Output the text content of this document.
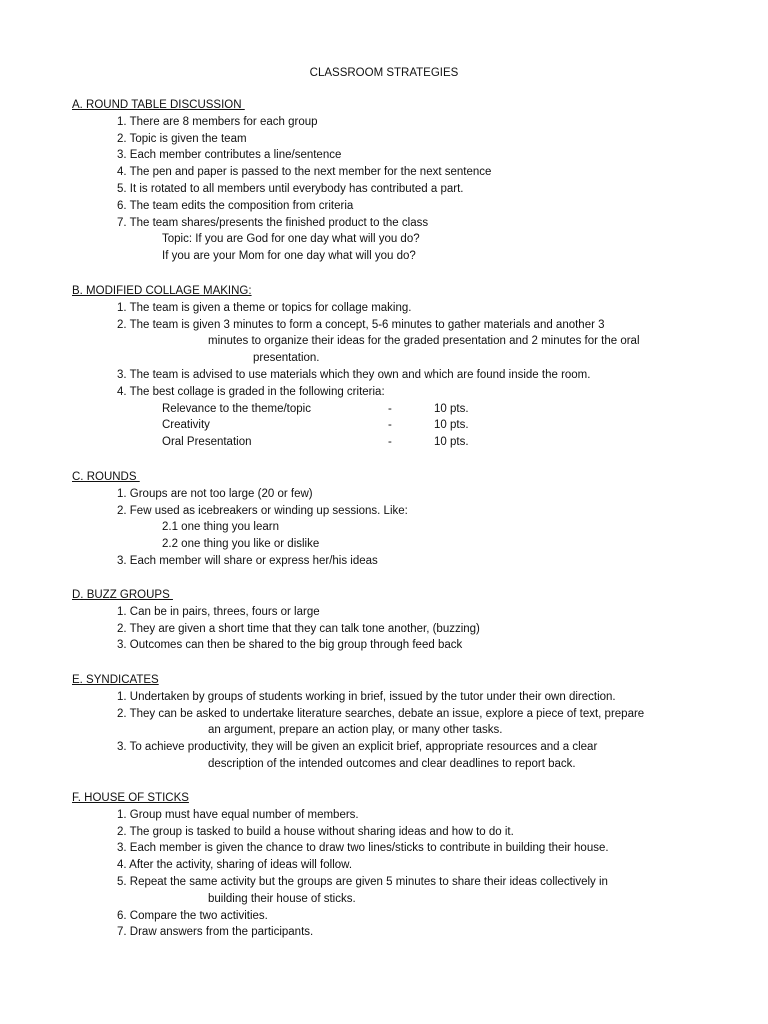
CLASSROOM STRATEGIES
A. ROUND TABLE DISCUSSION
1. There are 8 members for each group
2. Topic is given the team
3. Each member contributes a line/sentence
4. The pen and paper is passed to the next member for the next sentence
5. It is rotated to all members until everybody has contributed a part.
6. The team edits the composition from criteria
7. The team shares/presents the finished product to the class
Topic: If you are God for one day what will you do?
If you are your Mom for one day what will you do?
B. MODIFIED COLLAGE MAKING:
1. The team is given a theme or topics for collage making.
2. The team is given 3 minutes to form a concept, 5-6 minutes to gather materials and another 3
minutes to organize their ideas for the graded presentation and 2 minutes for the oral
presentation.
3. The team is advised to use materials which they own and which are found inside the room.
4. The best collage is graded in the following criteria:
Relevance to the theme/topic	-	10 pts.
Creativity	-	10 pts.
Oral Presentation	-	10 pts.
C. ROUNDS
1. Groups are not too large (20 or few)
2. Few used as icebreakers or winding up sessions. Like:
2.1 one thing you learn
2.2 one thing you like or dislike
3. Each member will share or express her/his ideas
D. BUZZ GROUPS
1. Can be in pairs, threes, fours or large
2. They are given a short time that they can talk tone another, (buzzing)
3. Outcomes can then be shared to the big group through feed back
E. SYNDICATES
1. Undertaken by groups of students working in brief, issued by the tutor under their own direction.
2. They can be asked to undertake literature searches, debate an issue, explore a piece of text, prepare
an argument, prepare an action play, or many other tasks.
3. To achieve productivity, they will be given an explicit brief, appropriate resources and a clear
description of the intended outcomes and clear deadlines to report back.
F. HOUSE OF STICKS
1. Group must have equal number of members.
2. The group is tasked to build a house without sharing ideas and how to do it.
3. Each member is given the chance to draw two lines/sticks to contribute in building their house.
4. After the activity, sharing of ideas will follow.
5. Repeat the same activity but the groups are given 5 minutes to share their ideas collectively in
building their house of sticks.
6. Compare the two activities.
7. Draw answers from the participants.
